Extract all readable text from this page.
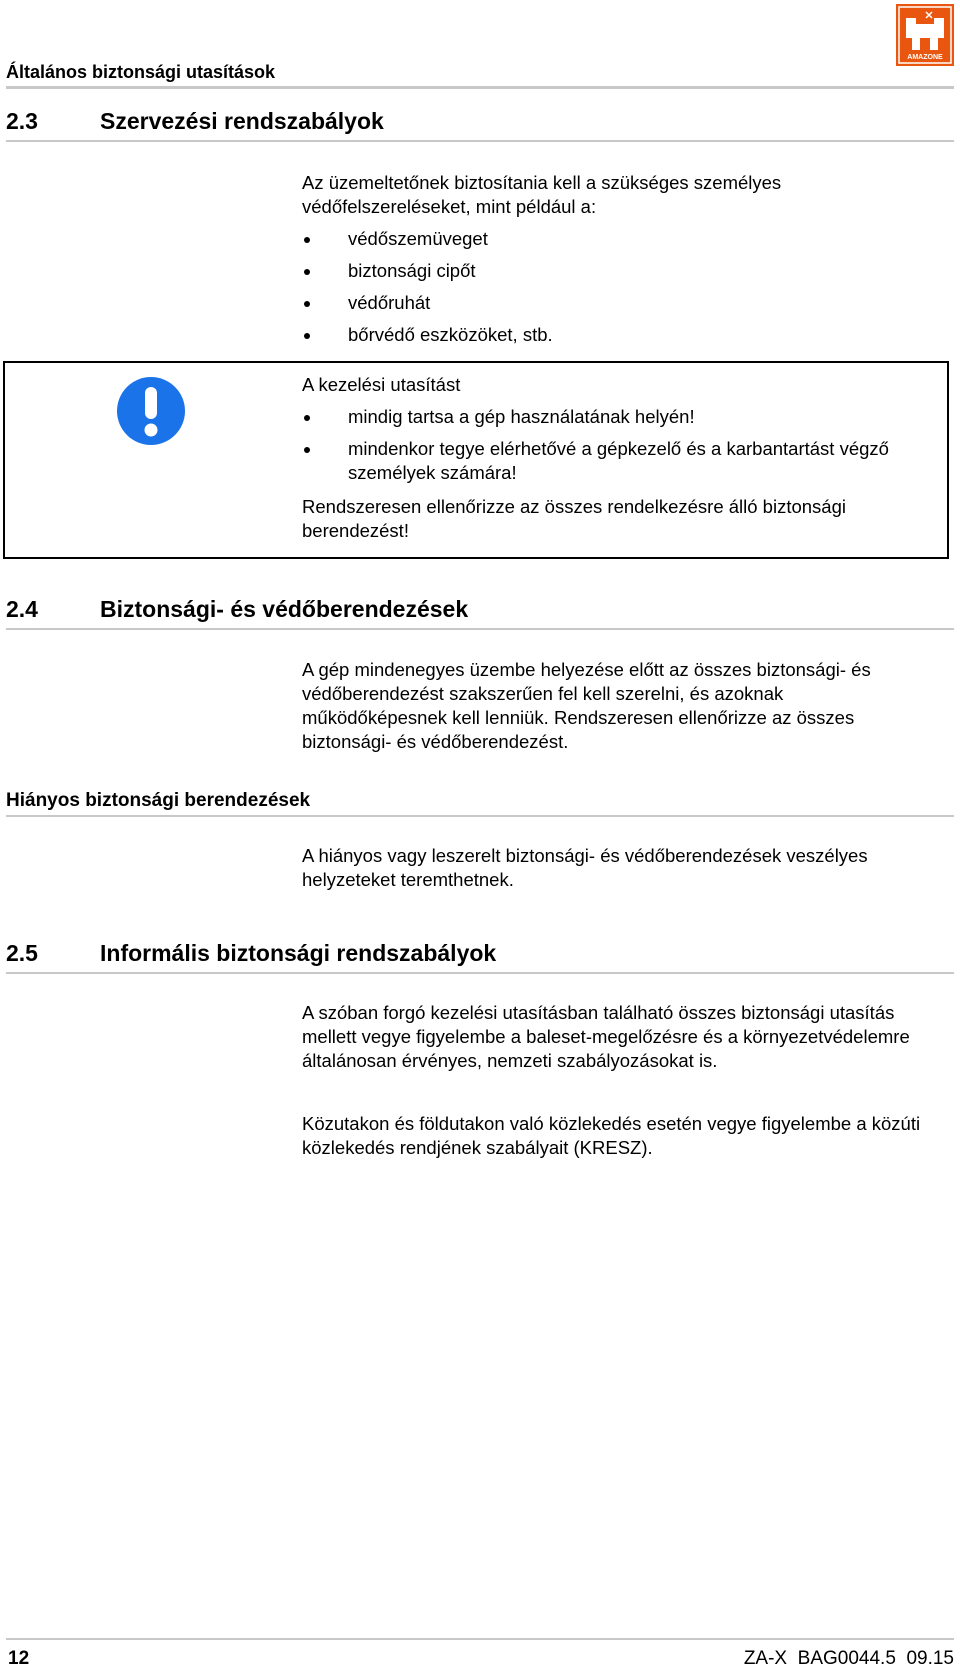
Általános biztonsági utasítások
AMAZONE
2.3	Szervezési rendszabályok
Az üzemeltetőnek biztosítania kell a szükséges személyes védőfelszereléseket, mint például a:
védőszemüveget
biztonsági cipőt
védőruhát
bőrvédő eszközöket, stb.
A kezelési utasítást
mindig tartsa a gép használatának helyén!
mindenkor tegye elérhetővé a gépkezelő és a karbantartást végző személyek számára!
Rendszeresen ellenőrizze az összes rendelkezésre álló biztonsági berendezést!
2.4	Biztonsági- és védőberendezések
A gép mindenegyes üzembe helyezése előtt az összes biztonsági- és védőberendezést szakszerűen fel kell szerelni, és azoknak működőképesnek kell lenniük. Rendszeresen ellenőrizze az összes biztonsági- és védőberendezést.
Hiányos biztonsági berendezések
A hiányos vagy leszerelt biztonsági- és védőberendezések veszélyes helyzeteket teremthetnek.
2.5	Informális biztonsági rendszabályok
A szóban forgó kezelési utasításban található összes biztonsági utasítás mellett vegye figyelembe a baleset-megelőzésre és a környezetvédelemre általánosan érvényes, nemzeti szabályozásokat is.
Közutakon és földutakon való közlekedés esetén vegye figyelembe a közúti közlekedés rendjének szabályait (KRESZ).
12	ZA-X  BAG0044.5  09.15
